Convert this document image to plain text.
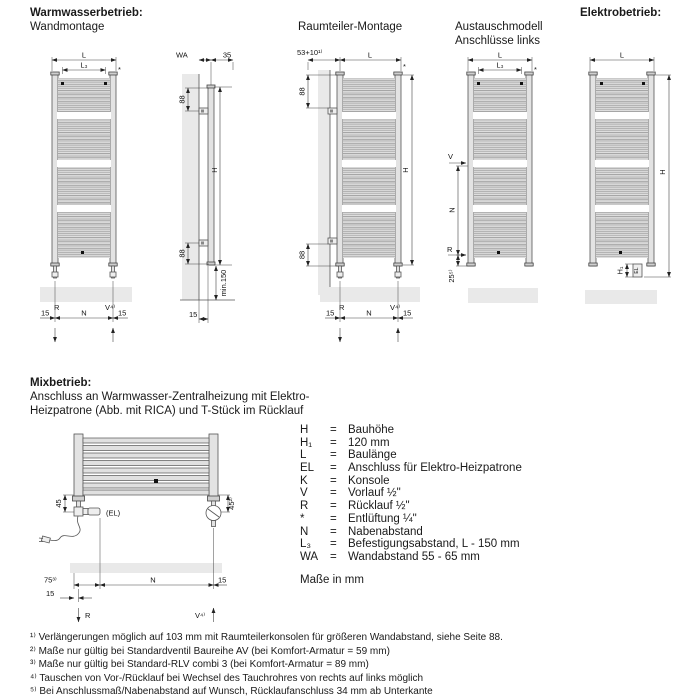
Warmwasserbetrieb:
Wandmontage	Raumteiler-Montage	Austauschmodell
Anschlüsse links
Elektrobetrieb:
L
L₃	*
R	V⁴⁾
15	N	15
WA	35
88
88
H
min.150
15
53+10¹⁾	L
*
88
88
H
R	V⁴⁾
15	N	15
L
L₃	*
V
N
R
25⁵⁾	EL
L
H₁
H
Mixbetrieb:
Anschluss an Warmwasser-Zentralheizung mit Elektro-
Heizpatrone (Abb. mit RICA) und T-Stück im Rücklauf
45	45²⁾
(EL)
75³⁾	N	15
15
R	V⁴⁾
H	= Bauhöhe
H₁	= 120 mm
L	= Baulänge
EL	= Anschluss für Elektro-Heizpatrone
K	= Konsole
V	= Vorlauf ½"
R	= Rücklauf ½"
*	= Entlüftung ¼"
N	= Nabenabstand
L₃	= Befestigungsabstand, L - 150 mm
WA	= Wandabstand 55 - 65 mm
Maße in mm
¹⁾ Verlängerungen möglich auf 103 mm mit Raumteilerkonsolen für größeren Wandabstand, siehe Seite 88.
²⁾ Maße nur gültig bei Standardventil Baureihe AV (bei Komfort-Armatur = 59 mm)
³⁾ Maße nur gültig bei Standard-RLV combi 3 (bei Komfort-Armatur = 89 mm)
⁴⁾ Tauschen von Vor-/Rücklauf bei Wechsel des Tauchrohres von rechts auf links möglich
⁵⁾ Bei Anschlussmaß/Nabenabstand auf Wunsch, Rücklaufanschluss 34 mm ab Unterkante
